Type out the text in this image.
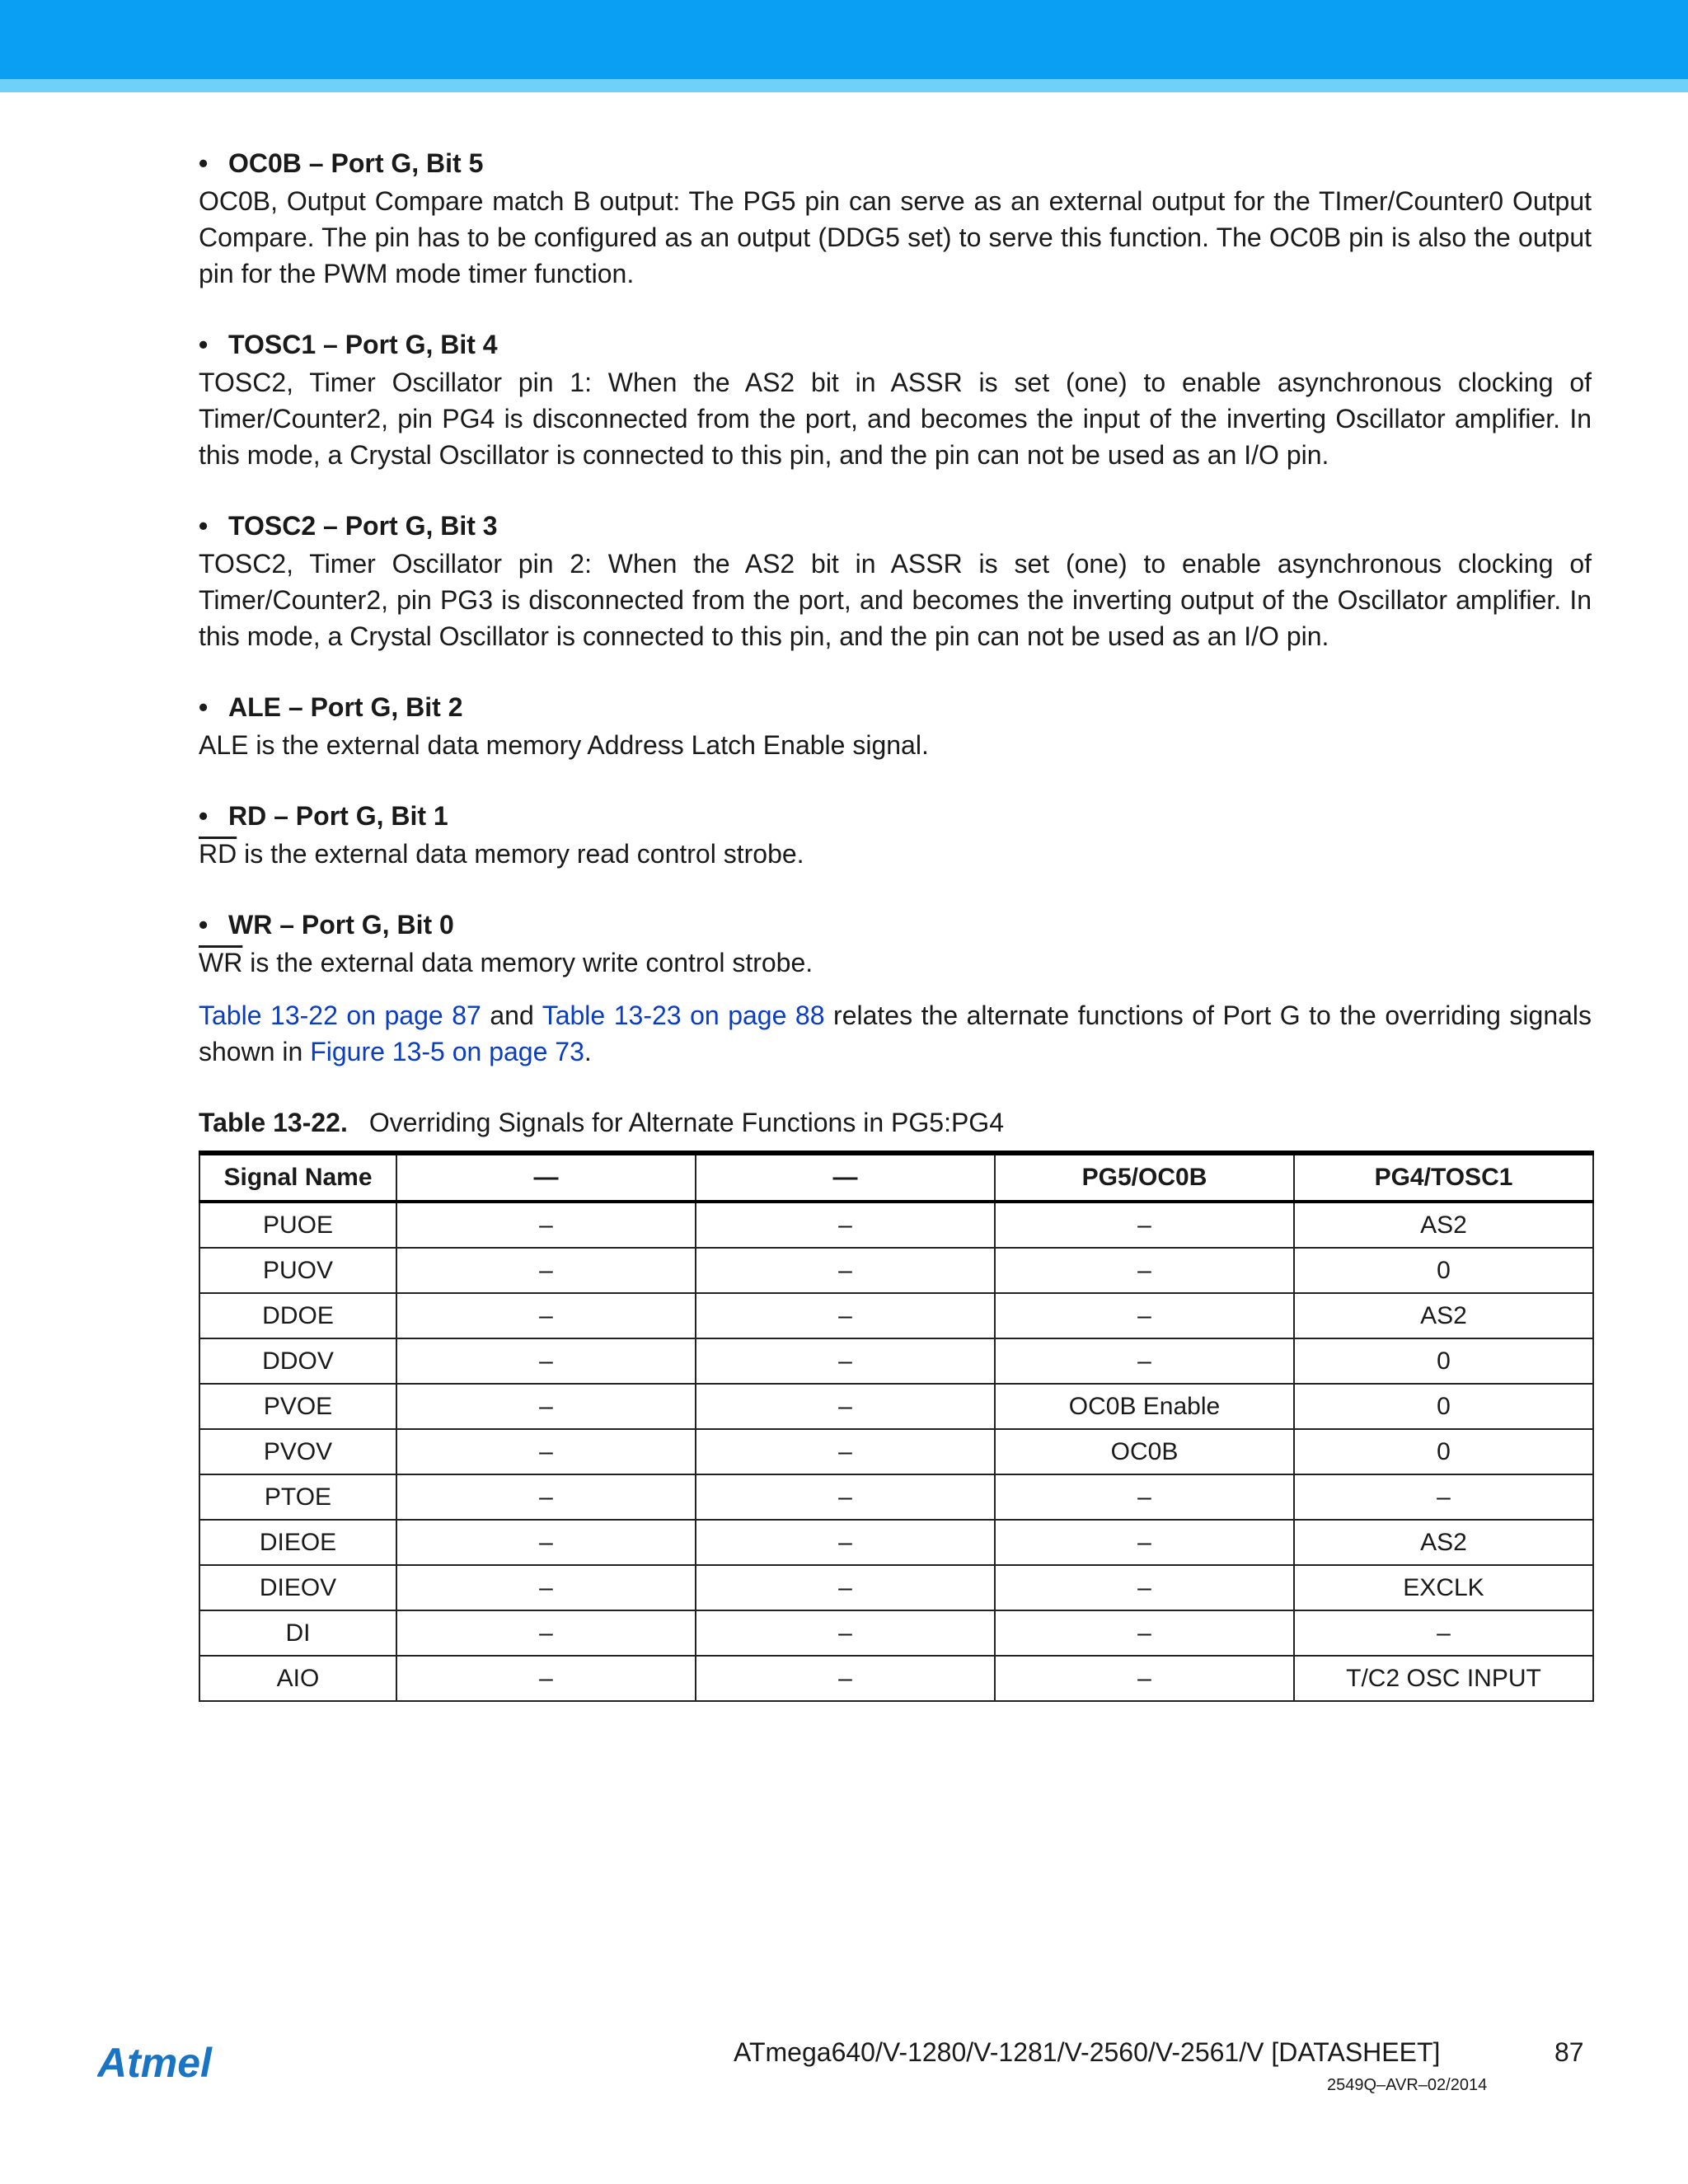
• OC0B – Port G, Bit 5

OC0B, Output Compare match B output: The PG5 pin can serve as an external output for the TImer/Counter0 Output Compare. The pin has to be configured as an output (DDG5 set) to serve this function. The OC0B pin is also the output pin for the PWM mode timer function.

• TOSC1 – Port G, Bit 4

TOSC2, Timer Oscillator pin 1: When the AS2 bit in ASSR is set (one) to enable asynchronous clocking of Timer/Counter2, pin PG4 is disconnected from the port, and becomes the input of the inverting Oscillator amplifier. In this mode, a Crystal Oscillator is connected to this pin, and the pin can not be used as an I/O pin.

• TOSC2 – Port G, Bit 3

TOSC2, Timer Oscillator pin 2: When the AS2 bit in ASSR is set (one) to enable asynchronous clocking of Timer/Counter2, pin PG3 is disconnected from the port, and becomes the inverting output of the Oscillator amplifier. In this mode, a Crystal Oscillator is connected to this pin, and the pin can not be used as an I/O pin.

• ALE – Port G, Bit 2

ALE is the external data memory Address Latch Enable signal.

• RD – Port G, Bit 1

$\overline{RD}$ is the external data memory read control strobe.

• WR – Port G, Bit 0

$\overline{WR}$ is the external data memory write control strobe.

Table 13-22 on page 87 and Table 13-23 on page 88 relates the alternate functions of Port G to the overriding signals shown in Figure 13-5 on page 73.

Table 13-22. Overriding Signals for Alternate Functions in PG5:PG4

Signal Name	—	—	PG5/OC0B	PG4/TOSC1
PUOE	–	–	–	AS2
PUOV	–	–	–	0
DDOE	–	–	–	AS2
DDOV	–	–	–	0
PVOE	–	–	OC0B Enable	0
PVOV	–	–	OC0B	0
PTOE	–	–	–	–
DIEOE	–	–	–	AS2
DIEOV	–	–	–	EXCLK
DI	–	–	–	–
AIO	–	–	–	T/C2 OSC INPUT
Atmel	ATmega640/V-1280/V-1281/V-2560/V-2561/V [DATASHEET]	87
2549Q–AVR–02/2014
